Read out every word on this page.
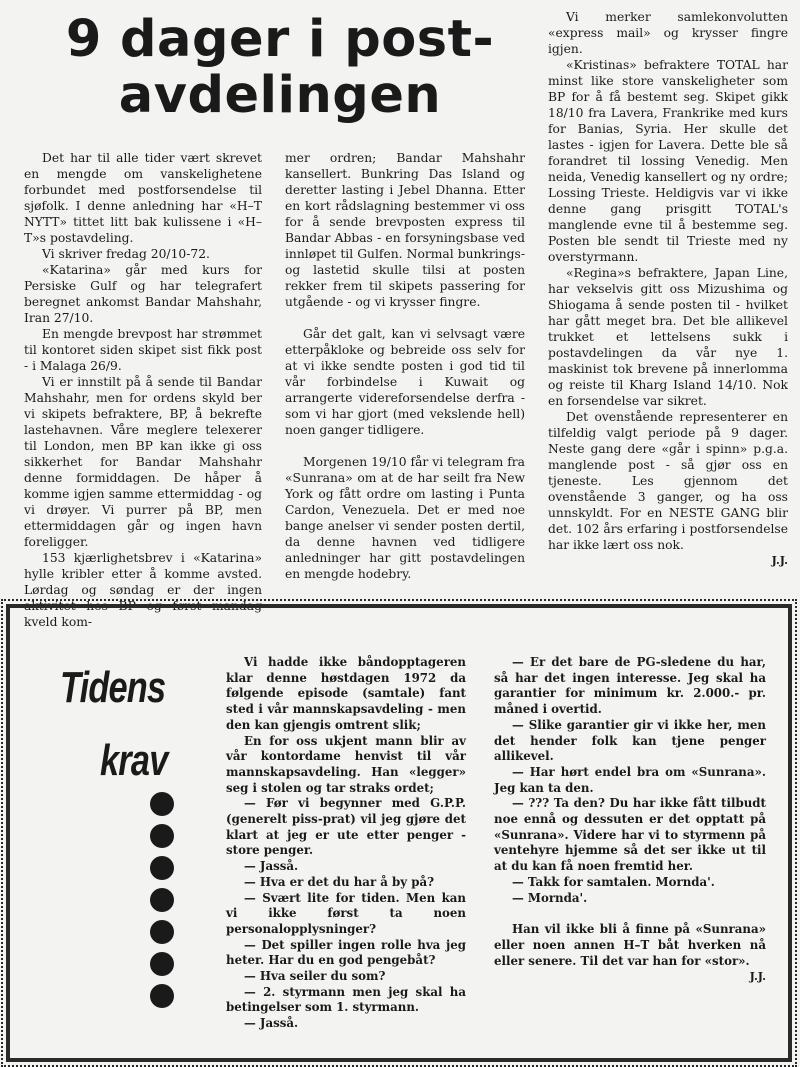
9 dager i post-
avdelingen

Det har til alle tider vært skrevet en mengde om vanskelighetene forbundet med postforsendelse til sjøfolk. I denne anledning har «H–T NYTT» tittet litt bak kulissene i «H–T»s postavdeling.

Vi skriver fredag 20/10-72.

«Katarina» går med kurs for Persiske Gulf og har telegrafert beregnet ankomst Bandar Mahshahr, Iran 27/10.

En mengde brevpost har strømmet til kontoret siden skipet sist fikk post - i Malaga 26/9.

Vi er innstilt på å sende til Bandar Mahshahr, men for ordens skyld ber vi skipets befraktere, BP, å bekrefte lastehavnen. Våre meglere telexerer til London, men BP kan ikke gi oss sikkerhet for Bandar Mahshahr denne formiddagen. De håper å komme igjen samme ettermiddag - og vi drøyer. Vi purrer på BP, men ettermiddagen går og ingen havn foreligger.

153 kjærlighetsbrev i «Katarina» hylle kribler etter å komme avsted. Lørdag og søndag er der ingen aktivitet hos BP og først mandag kveld kom-

mer ordren; Bandar Mahshahr kansellert. Bunkring Das Island og deretter lasting i Jebel Dhanna. Etter en kort rådslagning bestemmer vi oss for å sende brevposten express til Bandar Abbas - en forsyningsbase ved innløpet til Gulfen. Normal bunkrings- og lastetid skulle tilsi at posten rekker frem til skipets passering for utgående - og vi krysser fingre.

Går det galt, kan vi selvsagt være etterpåkloke og bebreide oss selv for at vi ikke sendte posten i god tid til vår forbindelse i Kuwait og arrangerte videreforsendelse derfra - som vi har gjort (med vekslende hell) noen ganger tidligere.

Morgenen 19/10 får vi telegram fra «Sunrana» om at de har seilt fra New York og fått ordre om lasting i Punta Cardon, Venezuela. Det er med noe bange anelser vi sender posten dertil, da denne havnen ved tidligere anledninger har gitt postavdelingen en mengde hodebry.

Vi merker samlekonvolutten «express mail» og krysser fingre igjen.

«Kristinas» befraktere TOTAL har minst like store vanskeligheter som BP for å få bestemt seg. Skipet gikk 18/10 fra Lavera, Frankrike med kurs for Banias, Syria. Her skulle det lastes - igjen for Lavera. Dette ble så forandret til lossing Venedig. Men neida, Venedig kansellert og ny ordre; Lossing Trieste. Heldigvis var vi ikke denne gang prisgitt TOTAL's manglende evne til å bestemme seg. Posten ble sendt til Trieste med ny overstyrmann.

«Regina»s befraktere, Japan Line, har vekselvis gitt oss Mizushima og Shiogama å sende posten til - hvilket har gått meget bra. Det ble allikevel trukket et lettelsens sukk i postavdelingen da vår nye 1. maskinist tok brevene på innerlomma og reiste til Kharg Island 14/10. Nok en forsendelse var sikret.

Det ovenstående representerer en tilfeldig valgt periode på 9 dager. Neste gang dere «går i spinn» p.g.a. manglende post - så gjør oss en tjeneste. Les gjennom det ovenstående 3 ganger, og ha oss unnskyldt. For en NESTE GANG blir det. 102 års erfaring i postforsendelse har ikke lært oss nok.

J.J.

Tidens
krav

Vi hadde ikke båndopptageren klar denne høstdagen 1972 da følgende episode (samtale) fant sted i vår mannskapsavdeling - men den kan gjengis omtrent slik;

En for oss ukjent mann blir av vår kontordame henvist til vår mannskapsavdeling. Han «legger» seg i stolen og tar straks ordet;

— Før vi begynner med G.P.P. (generelt piss-prat) vil jeg gjøre det klart at jeg er ute etter penger - store penger.

— Jasså.

— Hva er det du har å by på?

— Svært lite for tiden. Men kan vi ikke først ta noen personalopplysninger?

— Det spiller ingen rolle hva jeg heter. Har du en god pengebåt?

— Hva seiler du som?

— 2. styrmann men jeg skal ha betingelser som 1. styrmann.

— Jasså.

— Er det bare de PG-sledene du har, så har det ingen interesse. Jeg skal ha garantier for minimum kr. 2.000.- pr. måned i overtid.

— Slike garantier gir vi ikke her, men det hender folk kan tjene penger allikevel.

— Har hørt endel bra om «Sunrana». Jeg kan ta den.

— ??? Ta den? Du har ikke fått tilbudt noe ennå og dessuten er det opptatt på «Sunrana». Videre har vi to styrmenn på ventehyre hjemme så det ser ikke ut til at du kan få noen fremtid her.

— Takk for samtalen. Mornda'.

— Mornda'.

Han vil ikke bli å finne på «Sunrana» eller noen annen H–T båt hverken nå eller senere. Til det var han for «stor».

J.J.
